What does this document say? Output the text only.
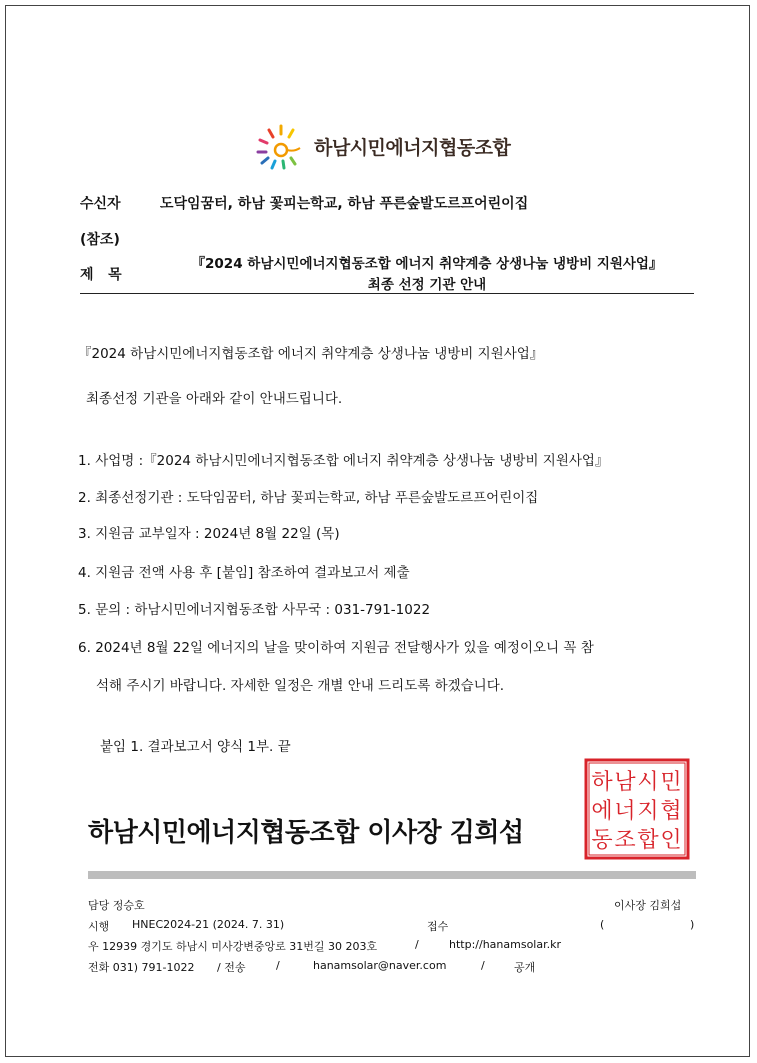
하남시민에너지협동조합
수신자	도닥임꿈터, 하남 꽃피는학교, 하남 푸른숲발도르프어린이집
(참조)
제   목
『2024 하남시민에너지협동조합 에너지 취약계층 상생나눔 냉방비 지원사업』
최종 선정 기관 안내
『2024 하남시민에너지협동조합 에너지 취약계층 상생나눔 냉방비 지원사업』
최종선정 기관을 아래와 같이 안내드립니다.
1. 사업명 :『2024 하남시민에너지협동조합 에너지 취약계층 상생나눔 냉방비 지원사업』
2. 최종선정기관 : 도닥임꿈터, 하남 꽃피는학교, 하남 푸른숲발도르프어린이집
3. 지원금 교부일자 : 2024년 8월 22일 (목)
4. 지원금 전액 사용 후 [붙임] 참조하여 결과보고서 제출
5. 문의 : 하남시민에너지협동조합 사무국 : 031-791-1022
6. 2024년 8월 22일 에너지의 날을 맞이하여 지원금 전달행사가 있을 예정이오니 꼭 참
석해 주시기 바랍니다. 자세한 일정은 개별 안내 드리도록 하겠습니다.
붙임 1. 결과보고서 양식 1부. 끝
하남시민에너지협동조합 이사장 김희섭
하 남 시 민
에 너 지 협
동 조 합 인
담당 정승호	이사장 김희섭
시행 HNEC2024-21 (2024. 7. 31)	접수	(	)
우 12939 경기도 하남시 미사강변중앙로 31번길 30 203호	/	http://hanamsolar.kr
전화 031) 791-1022 / 전송	/	hanamsolar@naver.com	/	공개
